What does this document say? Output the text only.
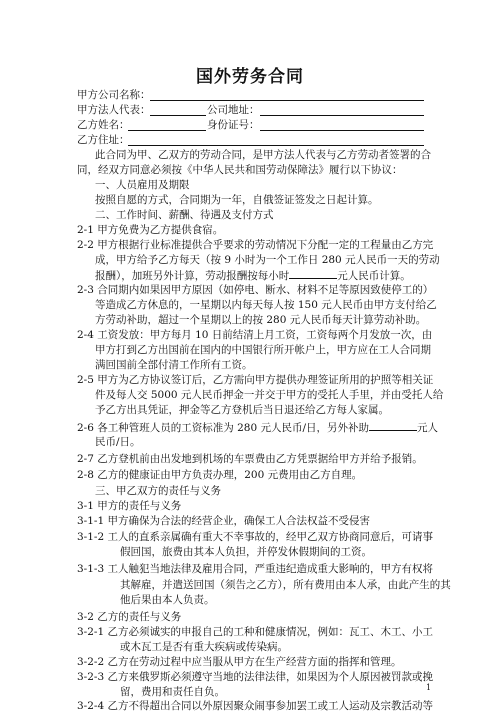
国外劳务合同
甲方公司名称：
甲方法人代表：	公司地址：
乙方姓名：	身份证号：
乙方住址：
此合同为甲、乙双方的劳动合同，是甲方法人代表与乙方劳动者签署的合
同，经双方同意必须按《中华人民共和国劳动保障法》履行以下协议：
一、人员雇用及期限
按照自愿的方式，合同期为一年，自俄签证签发之日起计算。
二、工作时间、薪酬、待遇及支付方式
2-1 甲方免费为乙方提供食宿。
2-2 甲方根据行业标准提供合乎要求的劳动情况下分配一定的工程量由乙方完
成，甲方给予乙方每天（按 9 小时为一个工作日 280 元人民币一天的劳动
报酬），加班另外计算，劳动报酬按每小时	元人民币计算。
2-3 合同期内如果因甲方原因（如停电、断水、材料不足等原因致使停工的）
等造成乙方休息的，一星期以内每天每人按 150 元人民币由甲方支付给乙
方劳动补助，超过一个星期以上的按 280 元人民币每天计算劳动补助。
2-4 工资发放：甲方每月 10 日前结清上月工资，工资每两个月发放一次，由
甲方打到乙方出国前在国内的中国银行所开帐户上，甲方应在工人合同期
满回国前全部付清工作所有工资。
2-5 甲方为乙方协议签订后，乙方需向甲方提供办理签证所用的护照等相关证
件及每人交 5000 元人民币押金一并交于甲方的受托人手里，并由受托人给
予乙方出具凭证，押金等乙方登机后当日退还给乙方每人家属。
2-6 各工种管班人员的工资标准为 280 元人民币/日，另外补助	元人
民币/日。
2-7 乙方登机前由出发地到机场的车票费由乙方凭票据给甲方并给予报销。
2-8 乙方的健康证由甲方负责办理，200 元费用由乙方自理。
三、甲乙双方的责任与义务
3-1 甲方的责任与义务
3-1-1 甲方确保为合法的经营企业，确保工人合法权益不受侵害
3-1-2 工人的直系亲属确有重大不幸事故的，经甲乙双方协商同意后，可请事
假回国，旅费由其本人负担，并停发休假期间的工资。
3-1-3 工人触犯当地法律及雇用合同，严重违纪造成重大影响的，甲方有权将
其解雇，并遣送回国（须告之乙方），所有费用由本人承，由此产生的其
他后果由本人负责。
3-2 乙方的责任与义务
3-2-1 乙方必须诚实的申报自己的工种和健康情况，例如：瓦工、木工、小工
或木瓦工是否有重大疾病或传染病。
3-2-2 乙方在劳动过程中应当服从甲方在生产经营方面的指挥和管理。
3-2-3 乙方来俄罗斯必须遵守当地的法律法律，如果因为个人原因被罚款或挽
留，费用和责任自负。
3-2-4 乙方不得超出合同以外原因聚众闹事参加罢工或工人运动及宗教活动等
1
